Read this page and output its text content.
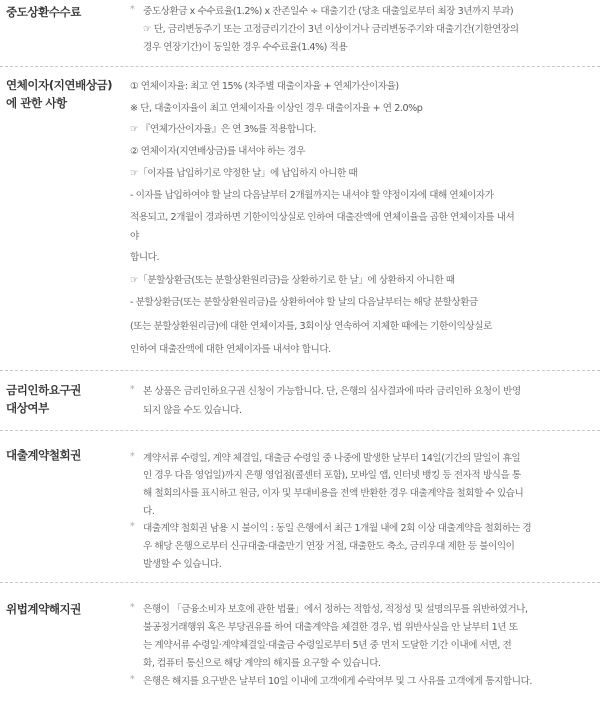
중도상환수수료	* 중도상환금 x 수수료율(1.2%) x 잔존일수 ÷ 대출기간 (당초 대출일로부터 최장 3년까지 부과)
☞ 단, 금리변동주기 또는 고정금리기간이 3년 이상이거나 금리변동주기와 대출기간(기한연장의
경우 연장기간)이 동일한 경우 수수료율(1.4%) 적용
연체이자(지연배상금)
에 관한 사항
① 연체이자율: 최고 연 15% (차주별 대출이자율 + 연체가산이자율)
※ 단, 대출이자율이 최고 연체이자율 이상인 경우 대출이자율 + 연 2.0%p
☞ 『연체가산이자율』은 연 3%를 적용합니다.
② 연체이자(지연배상금)를 내셔야 하는 경우
☞「이자를 납입하기로 약정한 날」에 납입하지 아니한 때
- 이자를 납입하여야 할 날의 다음날부터 2개월까지는 내셔야 할 약정이자에 대해 연체이자가
적용되고, 2개월이 경과하면 기한이익상실로 인하여 대출잔액에 연체이율을 곱한 연체이자를 내셔
야
합니다.
☞「분할상환금(또는 분할상환원리금)을 상환하기로 한 날」에 상환하지 아니한 때
- 분할상환금(또는 분할상환원리금)을 상환하여야 할 날의 다음날부터는 해당 분할상환금
(또는 분할상환원리금)에 대한 연체이자를, 3회이상 연속하여 지체한 때에는 기한이익상실로
인하여 대출잔액에 대한 연체이자를 내셔야 합니다.
금리인하요구권
대상여부
* 본 상품은 금리인하요구권 신청이 가능합니다. 단, 은행의 심사결과에 따라 금리인하 요청이 반영
되지 않을 수도 있습니다.
대출계약철회권	* 계약서류 수령일, 계약 체결일, 대출금 수령일 중 나중에 발생한 날부터 14일(기간의 말일이 휴일
인 경우 다음 영업일)까지 은행 영업점(콜센터 포함), 모바일 앱, 인터넷 뱅킹 등 전자적 방식을 통
해 철회의사를 표시하고 원금, 이자 및 부대비용을 전액 반환한 경우 대출계약을 철회할 수 있습니
다.
* 대출계약 철회권 남용 시 불이익 : 동일 은행에서 최근 1개월 내에 2회 이상 대출계약을 철회하는 경
우 해당 은행으로부터 신규대출·대출만기 연장 거절, 대출한도 축소, 금리우대 제한 등 불이익이
발생할 수 있습니다.
위법계약해지권	* 은행이 「금융소비자 보호에 관한 법률」에서 정하는 적합성, 적정성 및 설명의무를 위반하였거나,
불공정거래행위 혹은 부당권유를 하여 대출계약을 체결한 경우, 법 위반사실을 안 날부터 1년 또
는 계약서류 수령일·계약체결일·대출금 수령일로부터 5년 중 먼저 도달한 기간 이내에 서면, 전
화, 컴퓨터 통신으로 해당 계약의 해지를 요구할 수 있습니다.
* 은행은 해지를 요구받은 날부터 10일 이내에 고객에게 수락여부 및 그 사유를 고객에게 통지합니다.
